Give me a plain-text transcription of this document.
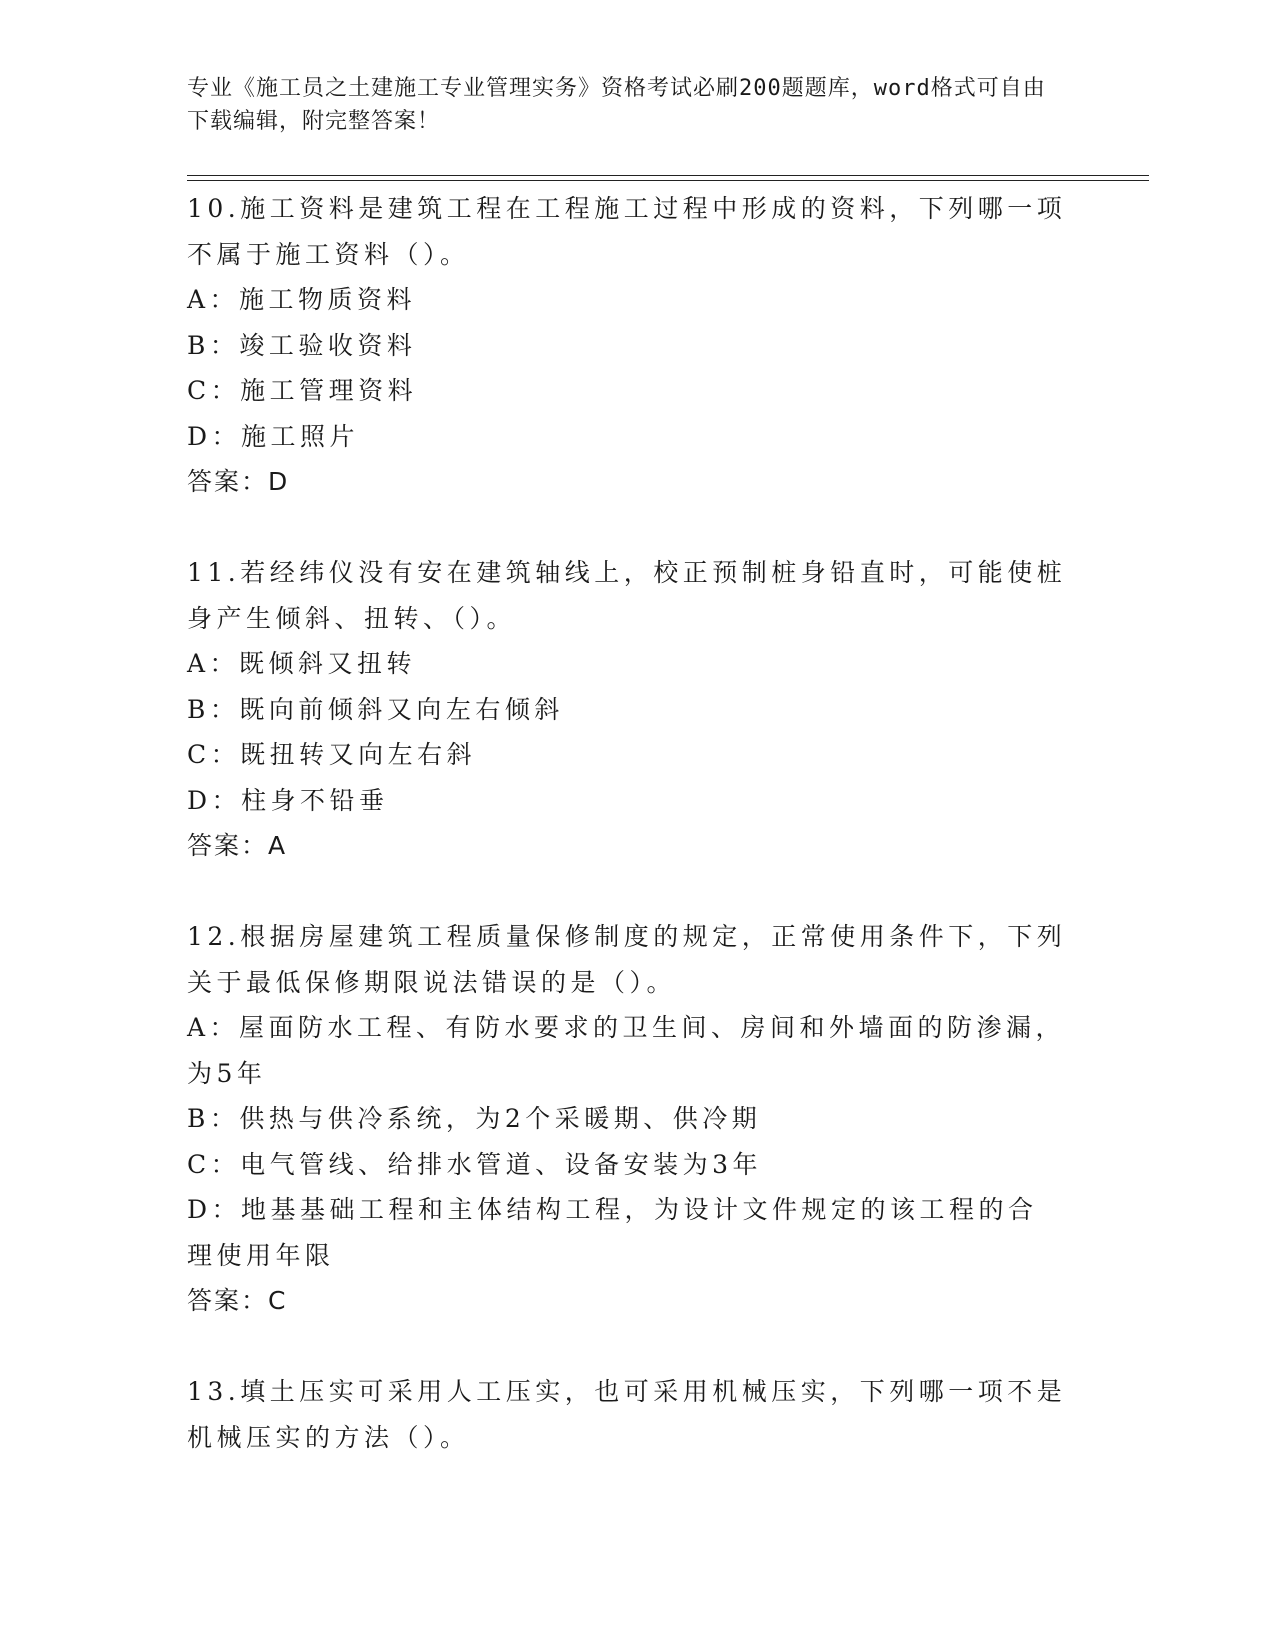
专业《施工员之土建施工专业管理实务》资格考试必刷200题题库，word格式可自由下载编辑，附完整答案！

10.施工资料是建筑工程在工程施工过程中形成的资料，下列哪一项不属于施工资料（）。

A：施工物质资料

B：竣工验收资料

C：施工管理资料

D：施工照片

答案：D

11.若经纬仪没有安在建筑轴线上，校正预制桩身铅直时，可能使桩身产生倾斜、扭转、（）。

A：既倾斜又扭转

B：既向前倾斜又向左右倾斜

C：既扭转又向左右斜

D：柱身不铅垂

答案：A

12.根据房屋建筑工程质量保修制度的规定，正常使用条件下，下列关于最低保修期限说法错误的是（）。

A：屋面防水工程、有防水要求的卫生间、房间和外墙面的防渗漏，为5年

B：供热与供冷系统，为2个采暖期、供冷期

C：电气管线、给排水管道、设备安装为3年

D：地基基础工程和主体结构工程，为设计文件规定的该工程的合理使用年限

答案：C

13.填土压实可采用人工压实，也可采用机械压实，下列哪一项不是机械压实的方法（）。
